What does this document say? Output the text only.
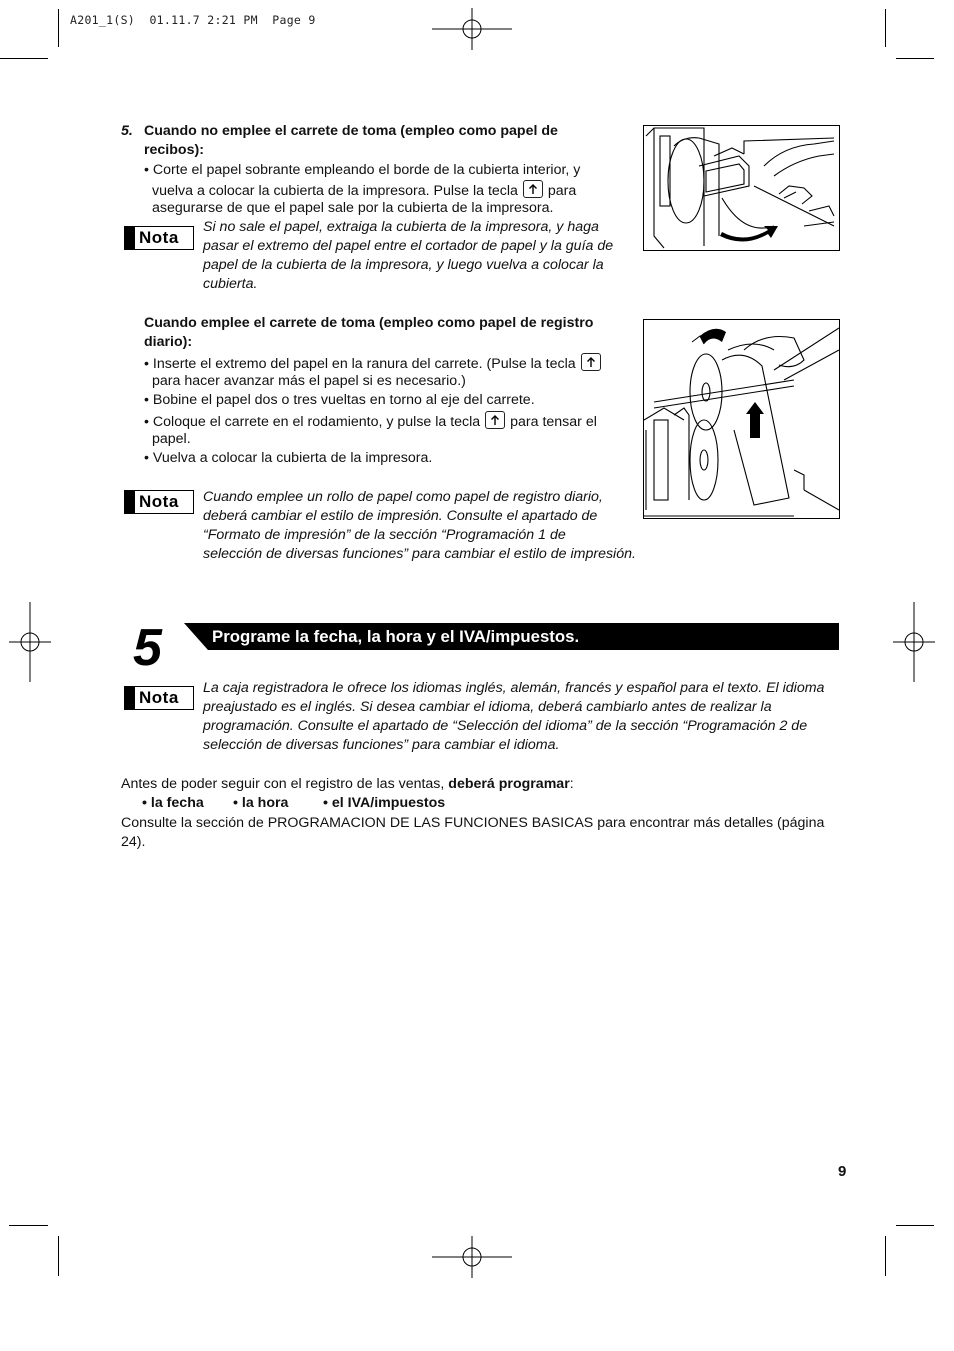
A201_1(S)  01.11.7 2:21 PM  Page 9
5. Cuando no emplee el carrete de toma (empleo como papel de
recibos):
• Corte el papel sobrante empleando el borde de la cubierta interior, y
vuelva a colocar la cubierta de la impresora. Pulse la tecla para
asegurarse de que el papel sale por la cubierta de la impresora.
Nota
Si no sale el papel, extraiga la cubierta de la impresora, y haga
pasar el extremo del papel entre el cortador de papel y la guía de
papel de la cubierta de la impresora, y luego vuelva a colocar la
cubierta.
Cuando emplee el carrete de toma (empleo como papel de registro
diario):
• Inserte el extremo del papel en la ranura del carrete. (Pulse la tecla
para hacer avanzar más el papel si es necesario.)
• Bobine el papel dos o tres vueltas en torno al eje del carrete.
• Coloque el carrete en el rodamiento, y pulse la tecla para tensar el
papel.
• Vuelva a colocar la cubierta de la impresora.
Nota Cuando emplee un rollo de papel como papel de registro diario,
deberá cambiar el estilo de impresión. Consulte el apartado de
“Formato de impresión” de la sección “Programación 1 de
selección de diversas funciones” para cambiar el estilo de impresión.
5	Programe la fecha, la hora y el IVA/impuestos.
Nota La caja registradora le ofrece los idiomas inglés, alemán, francés y español para el texto. El idioma
preajustado es el inglés. Si desea cambiar el idioma, deberá cambiarlo antes de realizar la
programación. Consulte el apartado de “Selección del idioma” de la sección “Programación 2 de
selección de diversas funciones” para cambiar el idioma.
Antes de poder seguir con el registro de las ventas, deberá programar:
• la fecha • la hora • el IVA/impuestos
Consulte la sección de PROGRAMACION DE LAS FUNCIONES BASICAS para encontrar más detalles (página
24).
9
